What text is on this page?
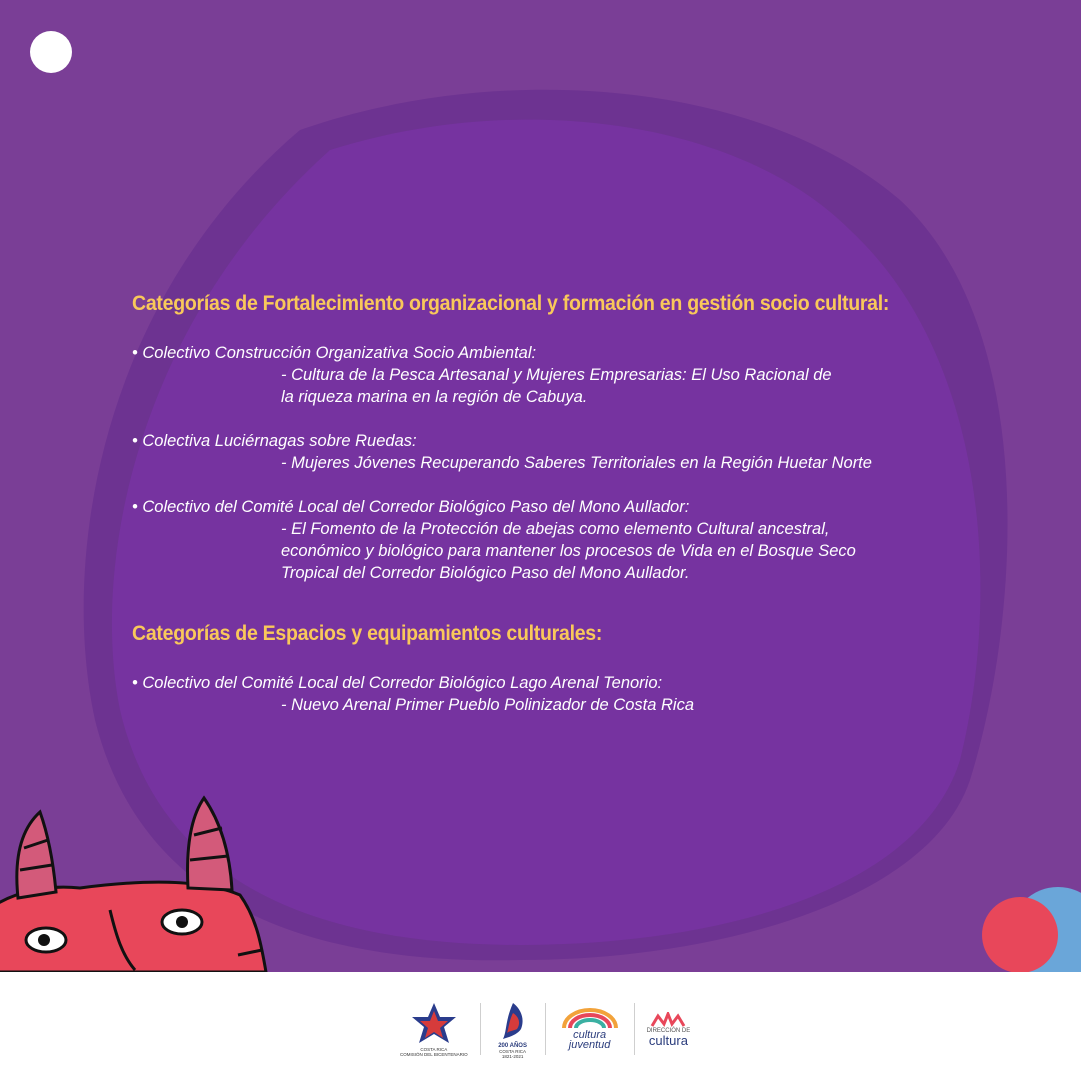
Categorías de Fortalecimiento organizacional y formación en gestión socio cultural:

• Colectivo Construcción Organizativa Socio Ambiental:

- Cultura de la Pesca Artesanal y Mujeres Empresarias: El Uso Racional de
la riqueza marina en la región de Cabuya.

• Colectiva Luciérnagas sobre Ruedas:

- Mujeres Jóvenes Recuperando Saberes Territoriales en la Región Huetar Norte

• Colectivo del Comité Local del Corredor Biológico Paso del Mono Aullador:

- El Fomento de la Protección de abejas como elemento Cultural ancestral,
económico y biológico para mantener los procesos de Vida en el Bosque Seco
Tropical del Corredor Biológico Paso del Mono Aullador.

Categorías de Espacios y equipamientos culturales:

• Colectivo del Comité Local del Corredor Biológico Lago Arenal Tenorio:

- Nuevo Arenal Primer Pueblo Polinizador de Costa Rica

COSTA RICA
COMISIÓN DEL BICENTENARIO
200 AÑOS
COSTA RICA
1821-2021
cultura
juventud
DIRECCIÓN DE
cultura
